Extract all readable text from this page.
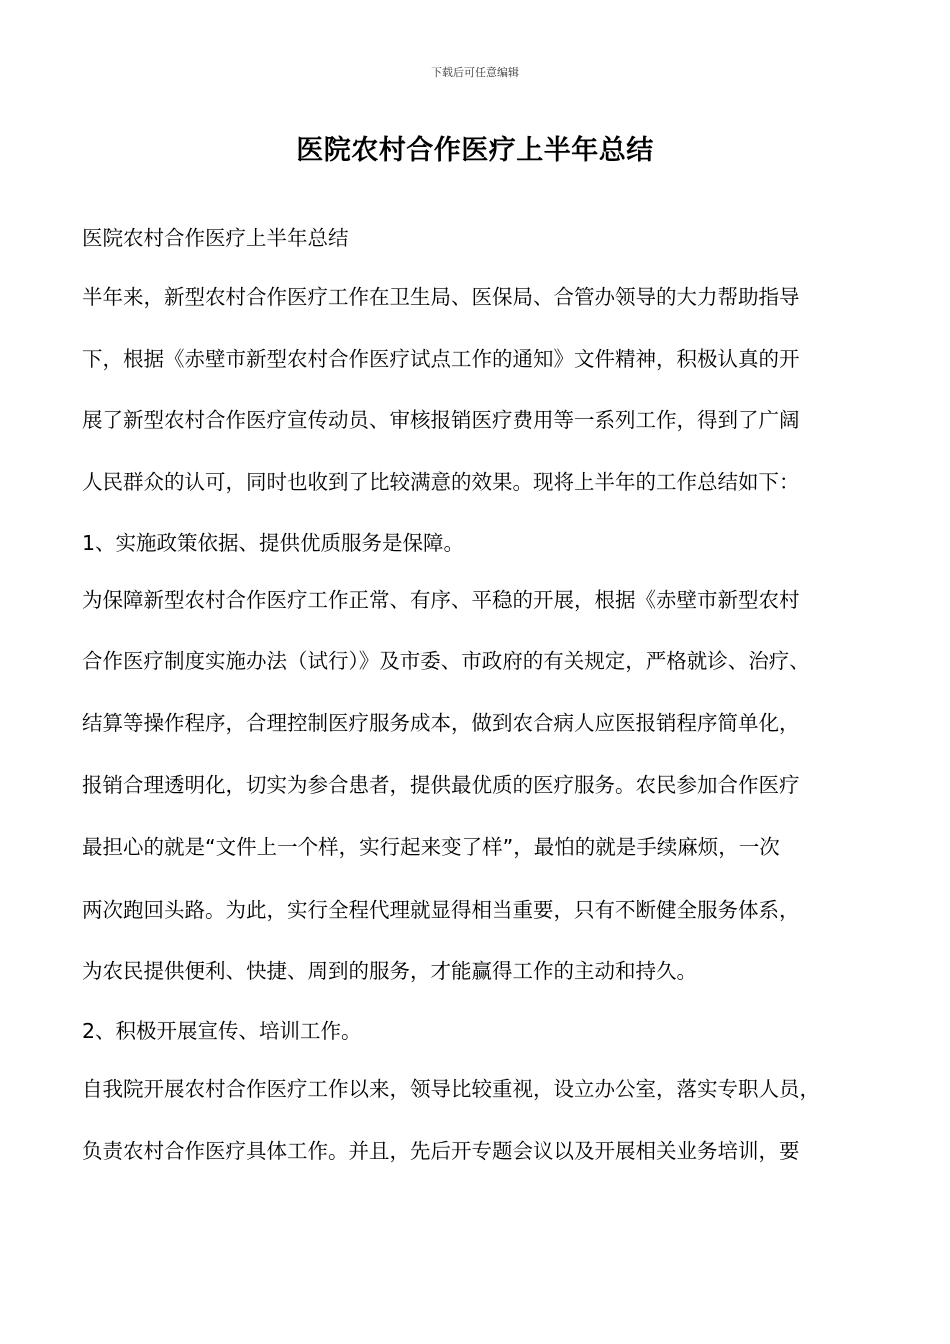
下载后可任意编辑
医院农村合作医疗上半年总结
医院农村合作医疗上半年总结
半年来，新型农村合作医疗工作在卫生局、医保局、合管办领导的大力帮助指导
下，根据《赤壁市新型农村合作医疗试点工作的通知》文件精神，积极认真的开
展了新型农村合作医疗宣传动员、审核报销医疗费用等一系列工作，得到了广阔
人民群众的认可，同时也收到了比较满意的效果。现将上半年的工作总结如下：
1、实施政策依据、提供优质服务是保障。
为保障新型农村合作医疗工作正常、有序、平稳的开展，根据《赤壁市新型农村
合作医疗制度实施办法（试行）》及市委、市政府的有关规定，严格就诊、治疗、
结算等操作程序，合理控制医疗服务成本，做到农合病人应医报销程序简单化，
报销合理透明化，切实为参合患者，提供最优质的医疗服务。农民参加合作医疗
最担心的就是“文件上一个样，实行起来变了样”，最怕的就是手续麻烦，一次
两次跑回头路。为此，实行全程代理就显得相当重要，只有不断健全服务体系，
为农民提供便利、快捷、周到的服务，才能赢得工作的主动和持久。
2、积极开展宣传、培训工作。
自我院开展农村合作医疗工作以来，领导比较重视，设立办公室，落实专职人员，
负责农村合作医疗具体工作。并且，先后开专题会议以及开展相关业务培训，要
